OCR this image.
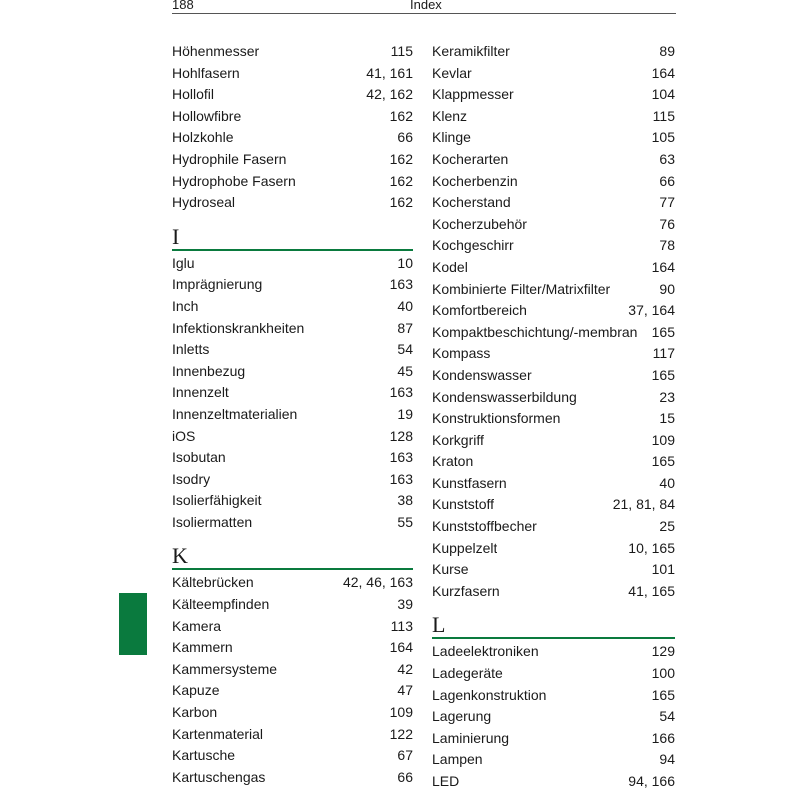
188	Index
Höhenmesser	115
Hohlfasern	41, 161
Hollofil	42, 162
Hollowfibre	162
Holzkohle	66
Hydrophile Fasern	162
Hydrophobe Fasern	162
Hydroseal	162
I
Iglu	10
Imprägnierung	163
Inch	40
Infektionskrankheiten	87
Inletts	54
Innenbezug	45
Innenzelt	163
Innenzeltmaterialien	19
iOS	128
Isobutan	163
Isodry	163
Isolierfähigkeit	38
Isoliermatten	55
K
Kältebrücken	42, 46, 163
Kälteempfinden	39
Kamera	113
Kammern	164
Kammersysteme	42
Kapuze	47
Karbon	109
Kartenmaterial	122
Kartusche	67
Kartuschengas	66
Keramikfilter	89
Kevlar	164
Klappmesser	104
Klenz	115
Klinge	105
Kocherarten	63
Kocherbenzin	66
Kocherstand	77
Kocherzubehör	76
Kochgeschirr	78
Kodel	164
Kombinierte Filter/Matrixfilter	90
Komfortbereich	37, 164
Kompaktbeschichtung/-membran	165
Kompass	117
Kondenswasser	165
Kondenswasserbildung	23
Konstruktionsformen	15
Korkgriff	109
Kraton	165
Kunstfasern	40
Kunststoff	21, 81, 84
Kunststoffbecher	25
Kuppelzelt	10, 165
Kurse	101
Kurzfasern	41, 165
L
Ladeelektroniken	129
Ladegeräte	100
Lagenkonstruktion	165
Lagerung	54
Laminierung	166
Lampen	94
LED	94, 166
